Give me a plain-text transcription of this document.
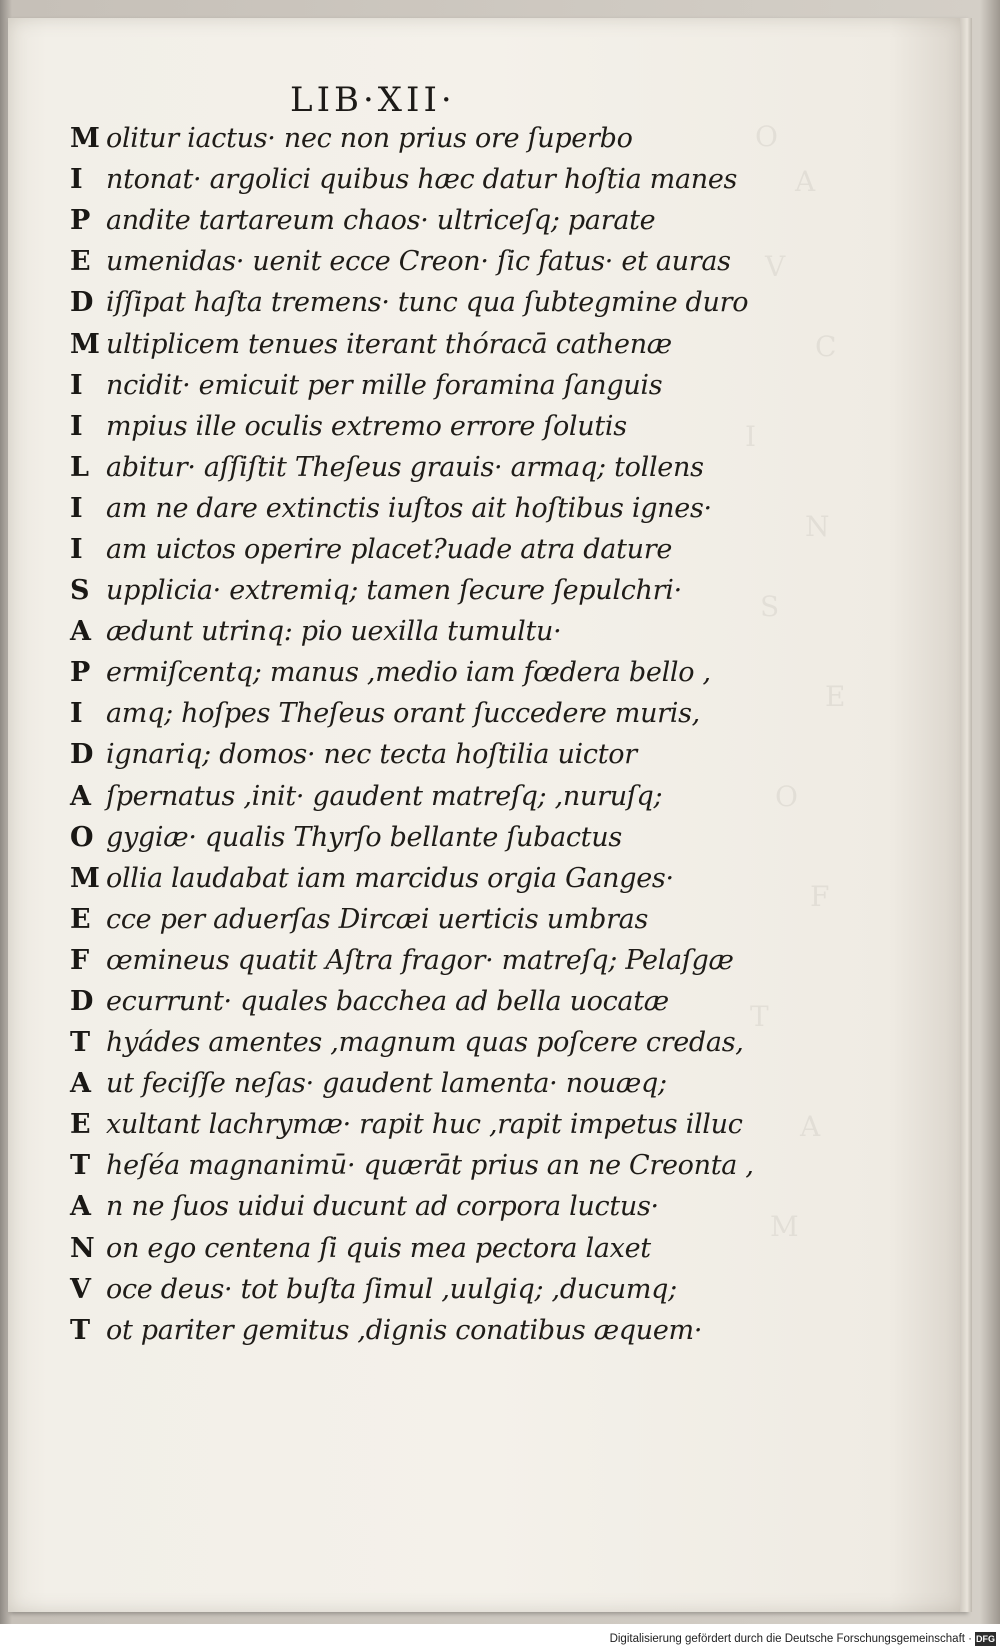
LIB·XII·
M olitur iactus· nec non prius ore ſuperbo
I ntonat· argolici quibus hæc datur hoſtia manes
P andite tartareum chaos· ultriceſq; parate
E umenidas· uenit ecce Creon· ſic fatus· et auras
D iſſipat haſta tremens· tunc qua ſubtegmine duro
M ultiplicem tenues iterant thóracā cathenæ
I ncidit· emicuit per mille foramina ſanguis
I mpius ille oculis extremo errore ſolutis
L abitur· aſſiſtit Theſeus grauis· armaq; tollens
I am ne dare extinctis iuſtos ait hoſtibus ignes·
I am uictos operire placet?uade atra dature
S upplicia· extremiq; tamen ſecure ſepulchri·
A ædunt utrinq: pio uexilla tumultu·
P ermiſcentq; manus ,medio iam fœdera bello ,
I amq; hoſpes Theſeus orant ſuccedere muris,
D ignariq; domos· nec tecta hoſtilia uictor
A ſpernatus ,init· gaudent matreſq; ,nuruſq;
O gygiæ· qualis Thyrſo bellante ſubactus
M ollia laudabat iam marcidus orgia Ganges·
E cce per aduerſas Dircæi uerticis umbras
F œmineus quatit Aſtra fragor· matreſq; Pelaſgæ
D ecurrunt· quales bacchea ad bella uocatæ
T hyádes amentes ,magnum quas poſcere credas,
A ut feciſſe neſas· gaudent lamenta· nouæq;
E xultant lachrymæ· rapit huc ,rapit impetus illuc
T heſéa magnanimū· quærāt prius an ne Creonta ,
A n ne ſuos uidui ducunt ad corpora luctus·
N on ego centena ſi quis mea pectora laxet
V oce deus· tot buſta ſimul ,uulgiq; ,ducumq;
T ot pariter gemitus ,dignis conatibus æquem·
Digitalisierung gefördert durch die Deutsche Forschungsgemeinschaft · DFG
